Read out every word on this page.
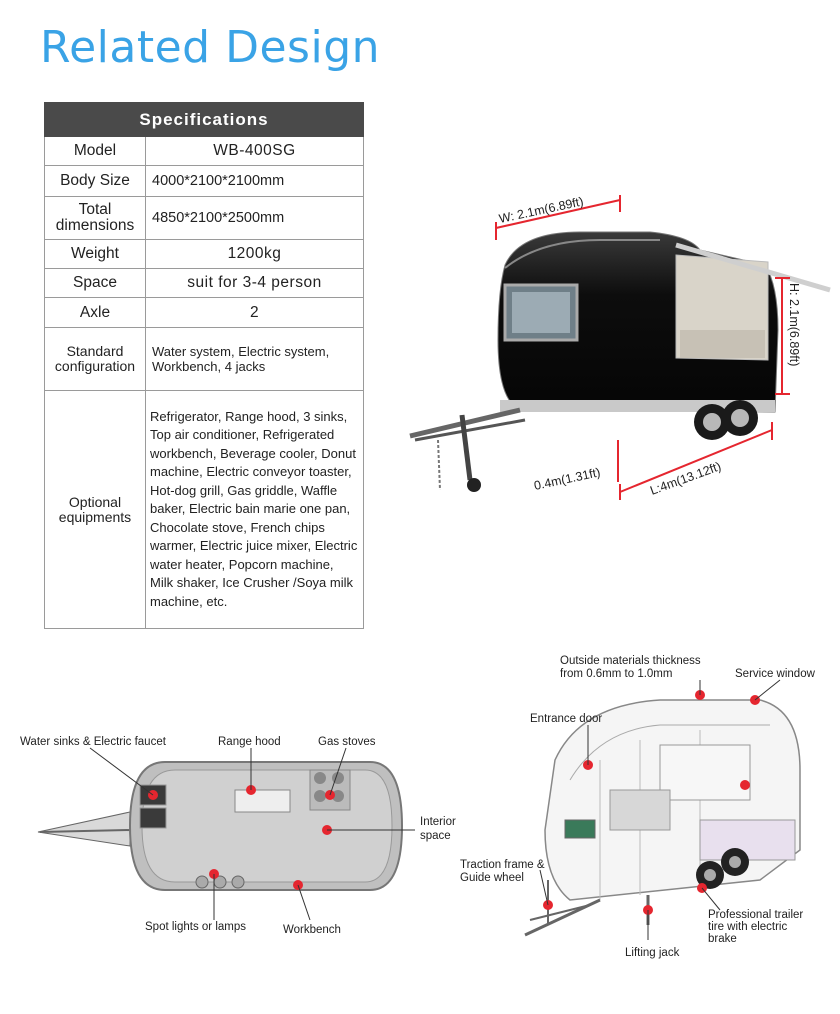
Related Design
Specifications	
Model	WB-400SG
Body Size	4000*2100*2100mm
Total dimensions	4850*2100*2500mm
Weight	1200kg
Space	suit for 3-4 person
Axle	2
Standard configuration	Water system, Electric system, Workbench, 4 jacks
Optional equipments	Refrigerator, Range hood, 3 sinks, Top air conditioner, Refrigerated workbench, Beverage cooler, Donut machine, Electric conveyor toaster, Hot-dog grill, Gas griddle, Waffle baker, Electric bain marie one pan, Chocolate stove, French chips warmer, Electric juice mixer, Electric water heater, Popcorn machine, Milk shaker, Ice Crusher /Soya milk machine, etc.
W: 2.1m(6.89ft)
H: 2.1m(6.89ft)
L:4m(13.12ft)
0.4m(1.31ft)
Water sinks & Electric faucet	Range hood	Gas stoves
Interior space
Spot lights or lamps	Workbench
Outside materials thickness from 0.6mm to 1.0mm	Service window
Entrance door
Traction frame & Guide wheel
Professional trailer tire with electric brake
Lifting jack
